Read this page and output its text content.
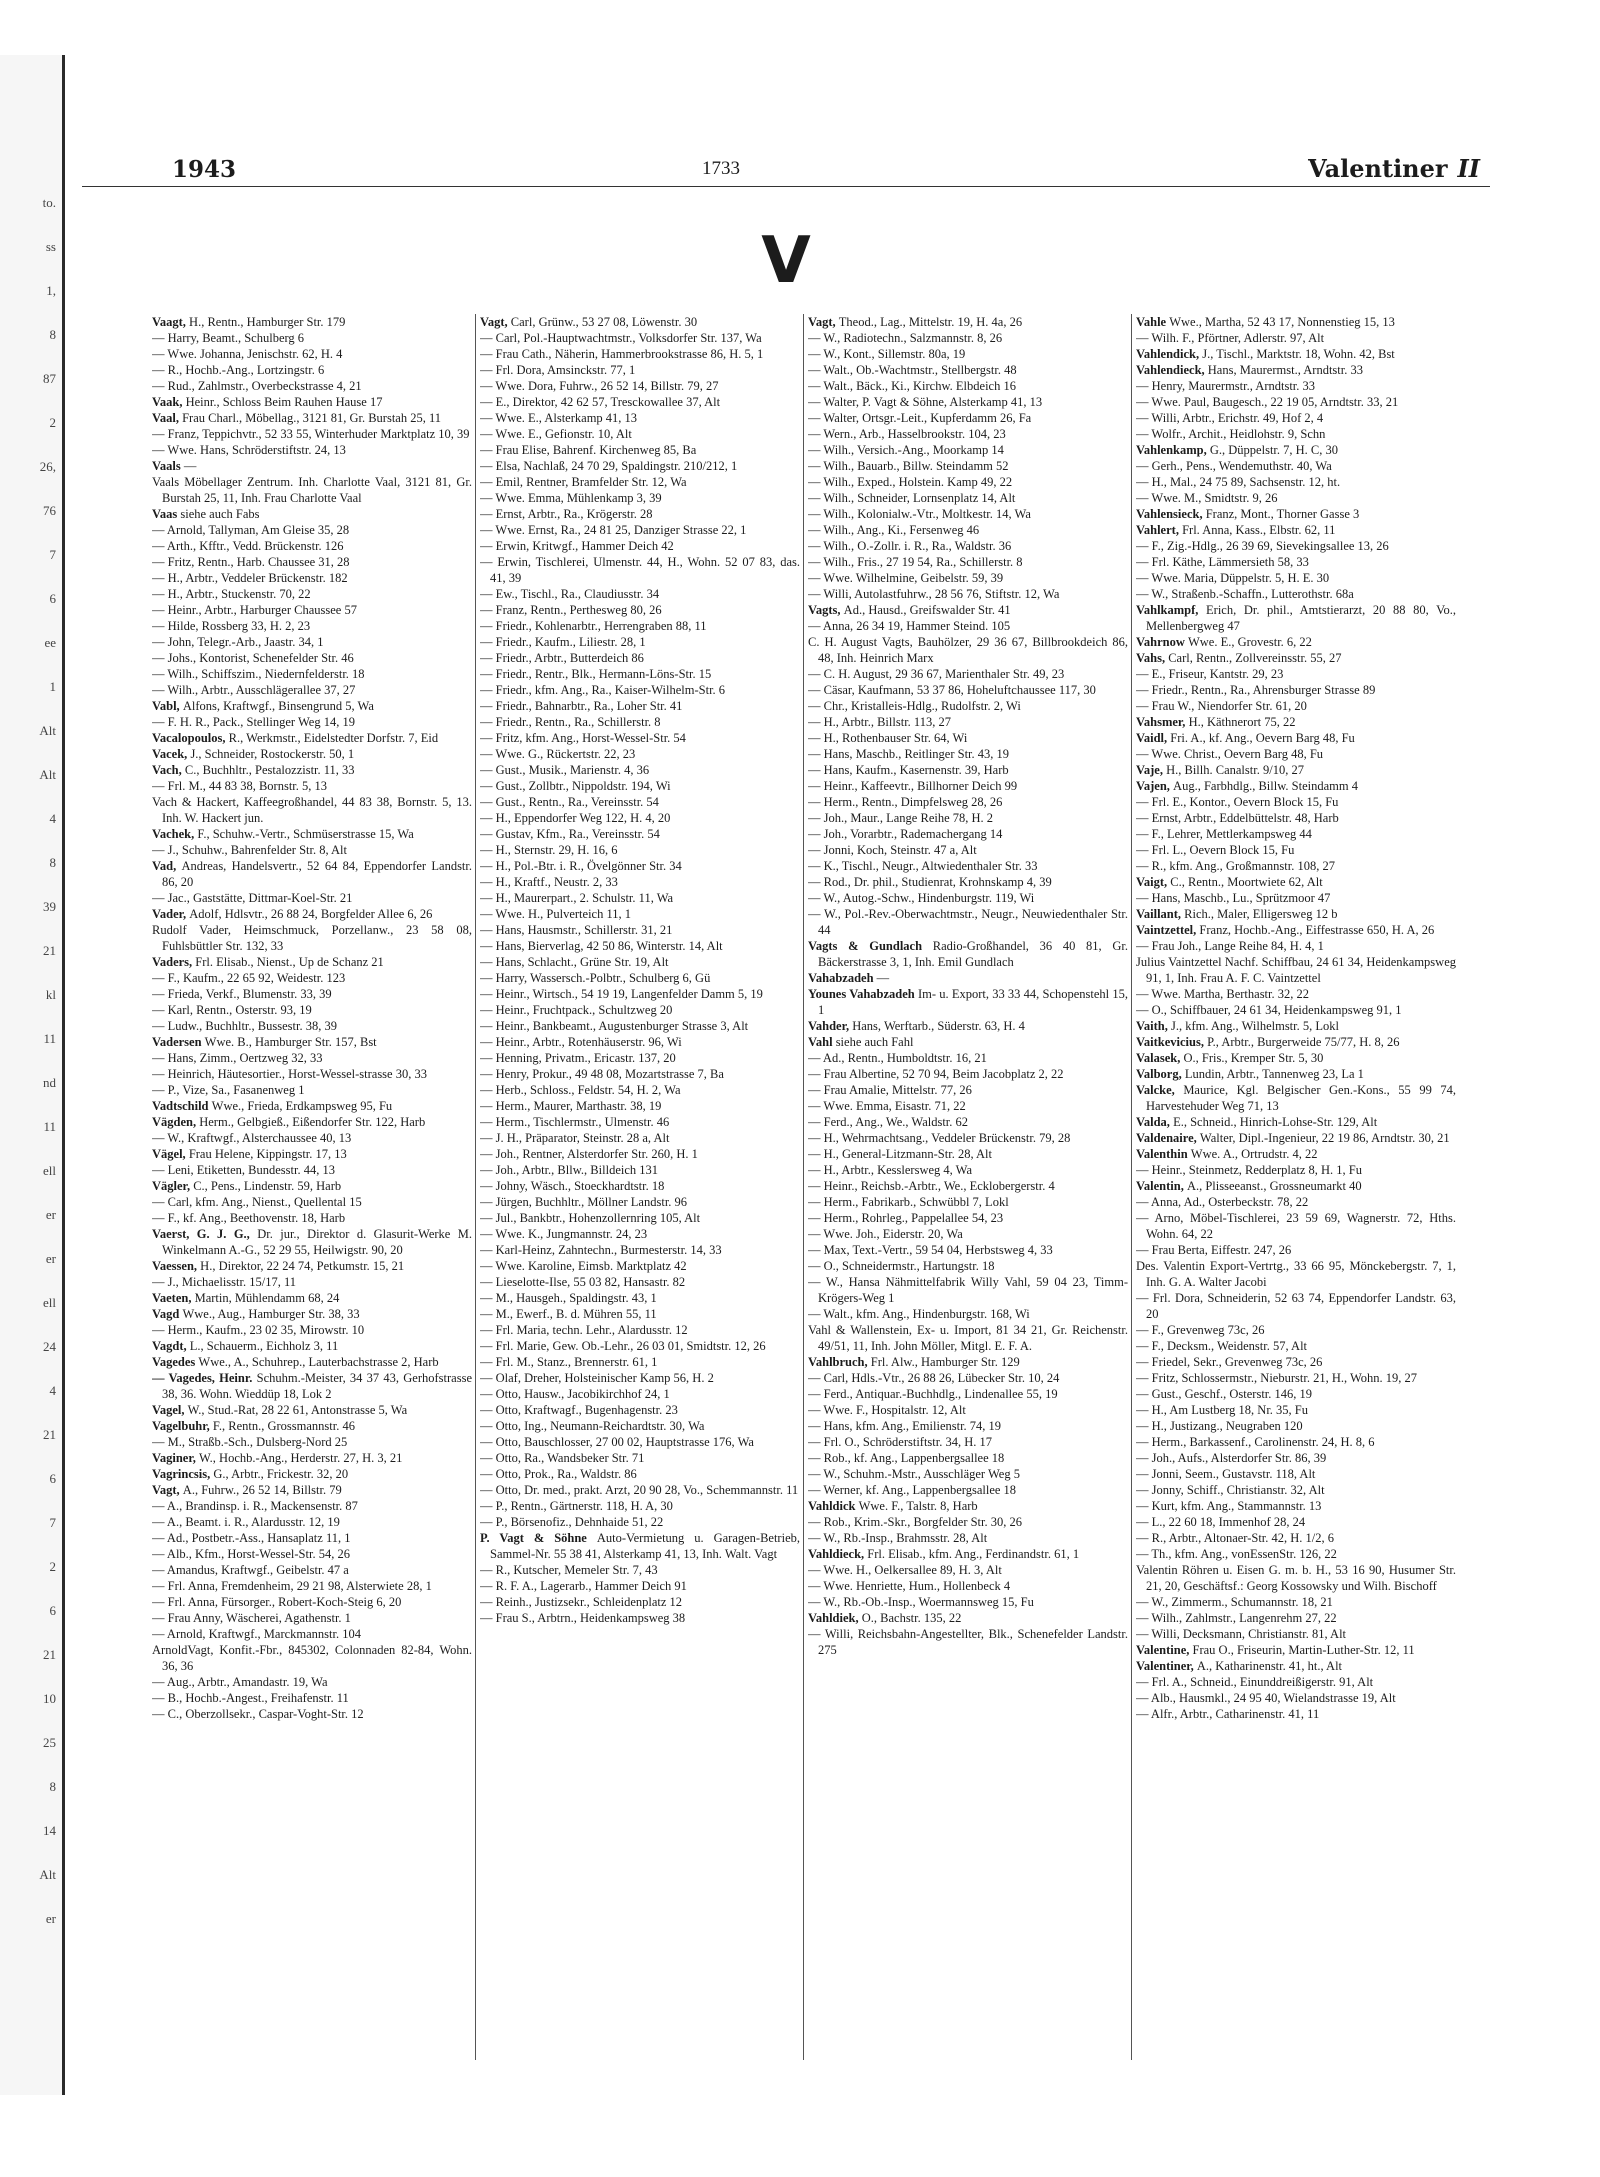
to.
ss
1,
8
87
2
26,
76
7
6
ee
1
Alt
Alt
4
8
39
21
kl
11
nd
11
ell
er
er
ell
24
4
21
6
7
2
6
21
10
25
8
14
Alt
er
1943	1733	Valentiner II
V

Vaagt, H., Rentn., Hamburger Str. 179

— Harry, Beamt., Schulberg 6

— Wwe. Johanna, Jenischstr. 62, H. 4

— R., Hochb.-Ang., Lortzingstr. 6

— Rud., Zahlmstr., Overbeckstrasse 4, 21

Vaak, Heinr., Schloss Beim Rauhen Hause 17

Vaal, Frau Charl., Möbellag., 3121 81, Gr. Burstah 25, 11

— Franz, Teppichvtr., 52 33 55, Winterhuder Marktplatz 10, 39

— Wwe. Hans, Schröderstiftstr. 24, 13

Vaals —

Vaals Möbellager Zentrum. Inh. Charlotte Vaal, 3121 81, Gr. Burstah 25, 11, Inh. Frau Charlotte Vaal

Vaas siehe auch Fabs

— Arnold, Tallyman, Am Gleise 35, 28

— Arth., Kfftr., Vedd. Brückenstr. 126

— Fritz, Rentn., Harb. Chaussee 31, 28

— H., Arbtr., Veddeler Brückenstr. 182

— H., Arbtr., Stuckenstr. 70, 22

— Heinr., Arbtr., Harburger Chaussee 57

— Hilde, Rossberg 33, H. 2, 23

— John, Telegr.-Arb., Jaastr. 34, 1

— Johs., Kontorist, Schenefelder Str. 46

— Wilh., Schiffszim., Niedernfelderstr. 18

— Wilh., Arbtr., Ausschlägerallee 37, 27

Vabl, Alfons, Kraftwgf., Binsengrund 5, Wa

— F. H. R., Pack., Stellinger Weg 14, 19

Vacalopoulos, R., Werkmstr., Eidelstedter Dorfstr. 7, Eid

Vacek, J., Schneider, Rostockerstr. 50, 1

Vach, C., Buchhltr., Pestalozzistr. 11, 33

— Frl. M., 44 83 38, Bornstr. 5, 13

Vach & Hackert, Kaffeegroßhandel, 44 83 38, Bornstr. 5, 13. Inh. W. Hackert jun.

Vachek, F., Schuhw.-Vertr., Schmüserstrasse 15, Wa

— J., Schuhw., Bahrenfelder Str. 8, Alt

Vad, Andreas, Handelsvertr., 52 64 84, Eppendorfer Landstr. 86, 20

— Jac., Gaststätte, Dittmar-Koel-Str. 21

Vader, Adolf, Hdlsvtr., 26 88 24, Borgfelder Allee 6, 26

Rudolf Vader, Heimschmuck, Porzellanw., 23 58 08, Fuhlsbüttler Str. 132, 33

Vaders, Frl. Elisab., Nienst., Up de Schanz 21

— F., Kaufm., 22 65 92, Weidestr. 123

— Frieda, Verkf., Blumenstr. 33, 39

— Karl, Rentn., Osterstr. 93, 19

— Ludw., Buchhltr., Bussestr. 38, 39

Vadersen Wwe. B., Hamburger Str. 157, Bst

— Hans, Zimm., Oertzweg 32, 33

— Heinrich, Häutesortier., Horst-Wessel-strasse 30, 33

— P., Vize, Sa., Fasanenweg 1

Vadtschild Wwe., Frieda, Erdkampsweg 95, Fu

Vägden, Herm., Gelbgieß., Eißendorfer Str. 122, Harb

— W., Kraftwgf., Alsterchaussee 40, 13

Vägel, Frau Helene, Kippingstr. 17, 13

— Leni, Etiketten, Bundesstr. 44, 13

Vägler, C., Pens., Lindenstr. 59, Harb

— Carl, kfm. Ang., Nienst., Quellental 15

— F., kf. Ang., Beethovenstr. 18, Harb

Vaerst, G. J. G., Dr. jur., Direktor d. Glasurit-Werke M. Winkelmann A.-G., 52 29 55, Heilwigstr. 90, 20

Vaessen, H., Direktor, 22 24 74, Petkumstr. 15, 21

— J., Michaelisstr. 15/17, 11

Vaeten, Martin, Mühlendamm 68, 24

Vagd Wwe., Aug., Hamburger Str. 38, 33

— Herm., Kaufm., 23 02 35, Mirowstr. 10

Vagdt, L., Schauerm., Eichholz 3, 11

Vagedes Wwe., A., Schuhrep., Lauterbachstrasse 2, Harb

— Vagedes, Heinr. Schuhm.-Meister, 34 37 43, Gerhofstrasse 38, 36. Wohn. Wieddüp 18, Lok 2

Vagel, W., Stud.-Rat, 28 22 61, Antonstrasse 5, Wa

Vagelbuhr, F., Rentn., Grossmannstr. 46

— M., Straßb.-Sch., Dulsberg-Nord 25

Vaginer, W., Hochb.-Ang., Herderstr. 27, H. 3, 21

Vagrincsis, G., Arbtr., Frickestr. 32, 20

Vagt, A., Fuhrw., 26 52 14, Billstr. 79

— A., Brandinsp. i. R., Mackensenstr. 87

— A., Beamt. i. R., Alardusstr. 12, 19

— Ad., Postbetr.-Ass., Hansaplatz 11, 1

— Alb., Kfm., Horst-Wessel-Str. 54, 26

— Amandus, Kraftwgf., Geibelstr. 47 a

— Frl. Anna, Fremdenheim, 29 21 98, Alsterwiete 28, 1

— Frl. Anna, Fürsorger., Robert-Koch-Steig 6, 20

— Frau Anny, Wäscherei, Agathenstr. 1

— Arnold, Kraftwgf., Marckmannstr. 104

ArnoldVagt, Konfit.-Fbr., 845302, Colonnaden 82-84, Wohn. 36, 36

— Aug., Arbtr., Amandastr. 19, Wa

— B., Hochb.-Angest., Freihafenstr. 11

— C., Oberzollsekr., Caspar-Voght-Str. 12

Vagt, Carl, Grünw., 53 27 08, Löwenstr. 30

— Carl, Pol.-Hauptwachtmstr., Volksdorfer Str. 137, Wa

— Frau Cath., Näherin, Hammerbrookstrasse 86, H. 5, 1

— Frl. Dora, Amsinckstr. 77, 1

— Wwe. Dora, Fuhrw., 26 52 14, Billstr. 79, 27

— E., Direktor, 42 62 57, Tresckowallee 37, Alt

— Wwe. E., Alsterkamp 41, 13

— Wwe. E., Gefionstr. 10, Alt

— Frau Elise, Bahrenf. Kirchenweg 85, Ba

— Elsa, Nachlaß, 24 70 29, Spaldingstr. 210/212, 1

— Emil, Rentner, Bramfelder Str. 12, Wa

— Wwe. Emma, Mühlenkamp 3, 39

— Ernst, Arbtr., Ra., Krögerstr. 28

— Wwe. Ernst, Ra., 24 81 25, Danziger Strasse 22, 1

— Erwin, Kritwgf., Hammer Deich 42

— Erwin, Tischlerei, Ulmenstr. 44, H., Wohn. 52 07 83, das. 41, 39

— Ew., Tischl., Ra., Claudiusstr. 34

— Franz, Rentn., Perthesweg 80, 26

— Friedr., Kohlenarbtr., Herrengraben 88, 11

— Friedr., Kaufm., Liliestr. 28, 1

— Friedr., Arbtr., Butterdeich 86

— Friedr., Rentr., Blk., Hermann-Löns-Str. 15

— Friedr., kfm. Ang., Ra., Kaiser-Wilhelm-Str. 6

— Friedr., Bahnarbtr., Ra., Loher Str. 41

— Friedr., Rentn., Ra., Schillerstr. 8

— Fritz, kfm. Ang., Horst-Wessel-Str. 54

— Wwe. G., Rückertstr. 22, 23

— Gust., Musik., Marienstr. 4, 36

— Gust., Zollbtr., Nippoldstr. 194, Wi

— Gust., Rentn., Ra., Vereinsstr. 54

— H., Eppendorfer Weg 122, H. 4, 20

— Gustav, Kfm., Ra., Vereinsstr. 54

— H., Sternstr. 29, H. 16, 6

— H., Pol.-Btr. i. R., Övelgönner Str. 34

— H., Kraftf., Neustr. 2, 33

— H., Maurerpart., 2. Schulstr. 11, Wa

— Wwe. H., Pulverteich 11, 1

— Hans, Hausmstr., Schillerstr. 31, 21

— Hans, Bierverlag, 42 50 86, Winterstr. 14, Alt

— Hans, Schlacht., Grüne Str. 19, Alt

— Harry, Wassersch.-Polbtr., Schulberg 6, Gü

— Heinr., Wirtsch., 54 19 19, Langenfelder Damm 5, 19

— Heinr., Fruchtpack., Schultzweg 20

— Heinr., Bankbeamt., Augustenburger Strasse 3, Alt

— Heinr., Arbtr., Rotenhäuserstr. 96, Wi

— Henning, Privatm., Ericastr. 137, 20

— Henry, Prokur., 49 48 08, Mozartstrasse 7, Ba

— Herb., Schloss., Feldstr. 54, H. 2, Wa

— Herm., Maurer, Marthastr. 38, 19

— Herm., Tischlermstr., Ulmenstr. 46

— J. H., Präparator, Steinstr. 28 a, Alt

— Joh., Rentner, Alsterdorfer Str. 260, H. 1

— Joh., Arbtr., Bllw., Billdeich 131

— Johny, Wäsch., Stoeckhardtstr. 18

— Jürgen, Buchhltr., Möllner Landstr. 96

— Jul., Bankbtr., Hohenzollernring 105, Alt

— Wwe. K., Jungmannstr. 24, 23

— Karl-Heinz, Zahntechn., Burmesterstr. 14, 33

— Wwe. Karoline, Eimsb. Marktplatz 42

— Lieselotte-Ilse, 55 03 82, Hansastr. 82

— M., Hausgeh., Spaldingstr. 43, 1

— M., Ewerf., B. d. Mühren 55, 11

— Frl. Maria, techn. Lehr., Alardusstr. 12

— Frl. Marie, Gew. Ob.-Lehr., 26 03 01, Smidtstr. 12, 26

— Frl. M., Stanz., Brennerstr. 61, 1

— Olaf, Dreher, Holsteinischer Kamp 56, H. 2

— Otto, Hausw., Jacobikirchhof 24, 1

— Otto, Kraftwagf., Bugenhagenstr. 23

— Otto, Ing., Neumann-Reichardtstr. 30, Wa

— Otto, Bauschlosser, 27 00 02, Hauptstrasse 176, Wa

— Otto, Ra., Wandsbeker Str. 71

— Otto, Prok., Ra., Waldstr. 86

— Otto, Dr. med., prakt. Arzt, 20 90 28, Vo., Schemmannstr. 11

— P., Rentn., Gärtnerstr. 118, H. A, 30

— P., Börsenofiz., Dehnhaide 51, 22

P. Vagt & Söhne Auto-Vermietung u. Garagen-Betrieb, Sammel-Nr. 55 38 41, Alsterkamp 41, 13, Inh. Walt. Vagt

— R., Kutscher, Memeler Str. 7, 43

— R. F. A., Lagerarb., Hammer Deich 91

— Reinh., Justizsekr., Schleidenplatz 12

— Frau S., Arbtrn., Heidenkampsweg 38

Vagt, Theod., Lag., Mittelstr. 19, H. 4a, 26

— W., Radiotechn., Salzmannstr. 8, 26

— W., Kont., Sillemstr. 80a, 19

— Walt., Ob.-Wachtmstr., Stellbergstr. 48

— Walt., Bäck., Ki., Kirchw. Elbdeich 16

— Walter, P. Vagt & Söhne, Alsterkamp 41, 13

— Walter, Ortsgr.-Leit., Kupferdamm 26, Fa

— Wern., Arb., Hasselbrookstr. 104, 23

— Wilh., Versich.-Ang., Moorkamp 14

— Wilh., Bauarb., Billw. Steindamm 52

— Wilh., Exped., Holstein. Kamp 49, 22

— Wilh., Schneider, Lornsenplatz 14, Alt

— Wilh., Kolonialw.-Vtr., Moltkestr. 14, Wa

— Wilh., Ang., Ki., Fersenweg 46

— Wilh., O.-Zollr. i. R., Ra., Waldstr. 36

— Wilh., Fris., 27 19 54, Ra., Schillerstr. 8

— Wwe. Wilhelmine, Geibelstr. 59, 39

— Willi, Autolastfuhrw., 28 56 76, Stiftstr. 12, Wa

Vagts, Ad., Hausd., Greifswalder Str. 41

— Anna, 26 34 19, Hammer Steind. 105

C. H. August Vagts, Bauhölzer, 29 36 67, Billbrookdeich 86, 48, Inh. Heinrich Marx

— C. H. August, 29 36 67, Marienthaler Str. 49, 23

— Cäsar, Kaufmann, 53 37 86, Hoheluftchaussee 117, 30

— Chr., Kristalleis-Hdlg., Rudolfstr. 2, Wi

— H., Arbtr., Billstr. 113, 27

— H., Rothenbauser Str. 64, Wi

— Hans, Maschb., Reitlinger Str. 43, 19

— Hans, Kaufm., Kasernenstr. 39, Harb

— Heinr., Kaffeevtr., Billhorner Deich 99

— Herm., Rentn., Dimpfelsweg 28, 26

— Joh., Maur., Lange Reihe 78, H. 2

— Joh., Vorarbtr., Rademachergang 14

— Jonni, Koch, Steinstr. 47 a, Alt

— K., Tischl., Neugr., Altwiedenthaler Str. 33

— Rod., Dr. phil., Studienrat, Krohnskamp 4, 39

— W., Autog.-Schw., Hindenburgstr. 119, Wi

— W., Pol.-Rev.-Oberwachtmstr., Neugr., Neuwiedenthaler Str. 44

Vagts & Gundlach Radio-Großhandel, 36 40 81, Gr. Bäckerstrasse 3, 1, Inh. Emil Gundlach

Vahabzadeh —

Younes Vahabzadeh Im- u. Export, 33 33 44, Schopenstehl 15, 1

Vahder, Hans, Werftarb., Süderstr. 63, H. 4

Vahl siehe auch Fahl

— Ad., Rentn., Humboldtstr. 16, 21

— Frau Albertine, 52 70 94, Beim Jacobplatz 2, 22

— Frau Amalie, Mittelstr. 77, 26

— Wwe. Emma, Eisastr. 71, 22

— Ferd., Ang., We., Waldstr. 62

— H., Wehrmachtsang., Veddeler Brückenstr. 79, 28

— H., General-Litzmann-Str. 28, Alt

— H., Arbtr., Kesslersweg 4, Wa

— Heinr., Reichsb.-Arbtr., We., Ecklobergerstr. 4

— Herm., Fabrikarb., Schwübbl 7, Lokl

— Herm., Rohrleg., Pappelallee 54, 23

— Wwe. Joh., Eiderstr. 20, Wa

— Max, Text.-Vertr., 59 54 04, Herbstsweg 4, 33

— O., Schneidermstr., Hartungstr. 18

— W., Hansa Nähmittelfabrik Willy Vahl, 59 04 23, Timm-Krögers-Weg 1

— Walt., kfm. Ang., Hindenburgstr. 168, Wi

Vahl & Wallenstein, Ex- u. Import, 81 34 21, Gr. Reichenstr. 49/51, 11, Inh. John Möller, Mitgl. E. F. A.

Vahlbruch, Frl. Alw., Hamburger Str. 129

— Carl, Hdls.-Vtr., 26 88 26, Lübecker Str. 10, 24

— Ferd., Antiquar.-Buchhdlg., Lindenallee 55, 19

— Wwe. F., Hospitalstr. 12, Alt

— Hans, kfm. Ang., Emilienstr. 74, 19

— Frl. O., Schröderstiftstr. 34, H. 17

— Rob., kf. Ang., Lappenbergsallee 18

— W., Schuhm.-Mstr., Ausschläger Weg 5

— Werner, kf. Ang., Lappenbergsallee 18

Vahldick Wwe. F., Talstr. 8, Harb

— Rob., Krim.-Skr., Borgfelder Str. 30, 26

— W., Rb.-Insp., Brahmsstr. 28, Alt

Vahldieck, Frl. Elisab., kfm. Ang., Ferdinandstr. 61, 1

— Wwe. H., Oelkersallee 89, H. 3, Alt

— Wwe. Henriette, Hum., Hollenbeck 4

— W., Rb.-Ob.-Insp., Woermannsweg 15, Fu

Vahldiek, O., Bachstr. 135, 22

— Willi, Reichsbahn-Angestellter, Blk., Schenefelder Landstr. 275

Vahle Wwe., Martha, 52 43 17, Nonnenstieg 15, 13

— Wilh. F., Pförtner, Adlerstr. 97, Alt

Vahlendick, J., Tischl., Marktstr. 18, Wohn. 42, Bst

Vahlendieck, Hans, Maurermst., Arndtstr. 33

— Henry, Maurermstr., Arndtstr. 33

— Wwe. Paul, Baugesch., 22 19 05, Arndtstr. 33, 21

— Willi, Arbtr., Erichstr. 49, Hof 2, 4

— Wolfr., Archit., Heidlohstr. 9, Schn

Vahlenkamp, G., Düppelstr. 7, H. C, 30

— Gerh., Pens., Wendemuthstr. 40, Wa

— H., Mal., 24 75 89, Sachsenstr. 12, ht.

— Wwe. M., Smidtstr. 9, 26

Vahlensieck, Franz, Mont., Thorner Gasse 3

Vahlert, Frl. Anna, Kass., Elbstr. 62, 11

— F., Zig.-Hdlg., 26 39 69, Sievekingsallee 13, 26

— Frl. Käthe, Lämmersieth 58, 33

— Wwe. Maria, Düppelstr. 5, H. E. 30

— W., Straßenb.-Schaffn., Lutterothstr. 68a

Vahlkampf, Erich, Dr. phil., Amtstierarzt, 20 88 80, Vo., Mellenbergweg 47

Vahrnow Wwe. E., Grovestr. 6, 22

Vahs, Carl, Rentn., Zollvereinsstr. 55, 27

— E., Friseur, Kantstr. 29, 23

— Friedr., Rentn., Ra., Ahrensburger Strasse 89

— Frau W., Niendorfer Str. 61, 20

Vahsmer, H., Käthnerort 75, 22

Vaidl, Fri. A., kf. Ang., Oevern Barg 48, Fu

— Wwe. Christ., Oevern Barg 48, Fu

Vaje, H., Billh. Canalstr. 9/10, 27

Vajen, Aug., Farbhdlg., Billw. Steindamm 4

— Frl. E., Kontor., Oevern Block 15, Fu

— Ernst, Arbtr., Eddelbüttelstr. 48, Harb

— F., Lehrer, Mettlerkampsweg 44

— Frl. L., Oevern Block 15, Fu

— R., kfm. Ang., Großmannstr. 108, 27

Vaigt, C., Rentn., Moortwiete 62, Alt

— Hans, Maschb., Lu., Sprützmoor 47

Vaillant, Rich., Maler, Elligersweg 12 b

Vaintzettel, Franz, Hochb.-Ang., Eiffestrasse 650, H. A, 26

— Frau Joh., Lange Reihe 84, H. 4, 1

Julius Vaintzettel Nachf. Schiffbau, 24 61 34, Heidenkampsweg 91, 1, Inh. Frau A. F. C. Vaintzettel

— Wwe. Martha, Berthastr. 32, 22

— O., Schiffbauer, 24 61 34, Heidenkampsweg 91, 1

Vaith, J., kfm. Ang., Wilhelmstr. 5, Lokl

Vaitkevicius, P., Arbtr., Burgerweide 75/77, H. 8, 26

Valasek, O., Fris., Kremper Str. 5, 30

Valborg, Lundin, Arbtr., Tannenweg 23, La 1

Valcke, Maurice, Kgl. Belgischer Gen.-Kons., 55 99 74, Harvestehuder Weg 71, 13

Valda, E., Schneid., Hinrich-Lohse-Str. 129, Alt

Valdenaire, Walter, Dipl.-Ingenieur, 22 19 86, Arndtstr. 30, 21

Valenthin Wwe. A., Ortrudstr. 4, 22

— Heinr., Steinmetz, Redderplatz 8, H. 1, Fu

Valentin, A., Plisseeanst., Grossneumarkt 40

— Anna, Ad., Osterbeckstr. 78, 22

— Arno, Möbel-Tischlerei, 23 59 69, Wagnerstr. 72, Hths. Wohn. 64, 22

— Frau Berta, Eiffestr. 247, 26

Des. Valentin Export-Vertrtg., 33 66 95, Mönckebergstr. 7, 1, Inh. G. A. Walter Jacobi

— Frl. Dora, Schneiderin, 52 63 74, Eppendorfer Landstr. 63, 20

— F., Grevenweg 73c, 26

— F., Decksm., Weidenstr. 57, Alt

— Friedel, Sekr., Grevenweg 73c, 26

— Fritz, Schlossermstr., Nieburstr. 21, H., Wohn. 19, 27

— Gust., Geschf., Osterstr. 146, 19

— H., Am Lustberg 18, Nr. 35, Fu

— H., Justizang., Neugraben 120

— Herm., Barkassenf., Carolinenstr. 24, H. 8, 6

— Joh., Aufs., Alsterdorfer Str. 86, 39

— Jonni, Seem., Gustavstr. 118, Alt

— Jonny, Schiff., Christianstr. 32, Alt

— Kurt, kfm. Ang., Stammannstr. 13

— L., 22 60 18, Immenhof 28, 24

— R., Arbtr., Altonaer-Str. 42, H. 1/2, 6

— Th., kfm. Ang., vonEssenStr. 126, 22

Valentin Röhren u. Eisen G. m. b. H., 53 16 90, Husumer Str. 21, 20, Geschäftsf.: Georg Kossowsky und Wilh. Bischoff

— W., Zimmerm., Schumannstr. 18, 21

— Wilh., Zahlmstr., Langenrehm 27, 22

— Willi, Decksmann, Christianstr. 81, Alt

Valentine, Frau O., Friseurin, Martin-Luther-Str. 12, 11

Valentiner, A., Katharinenstr. 41, ht., Alt

— Frl. A., Schneid., Einunddreißigerstr. 91, Alt

— Alb., Hausmkl., 24 95 40, Wielandstrasse 19, Alt

— Alfr., Arbtr., Catharinenstr. 41, 11
